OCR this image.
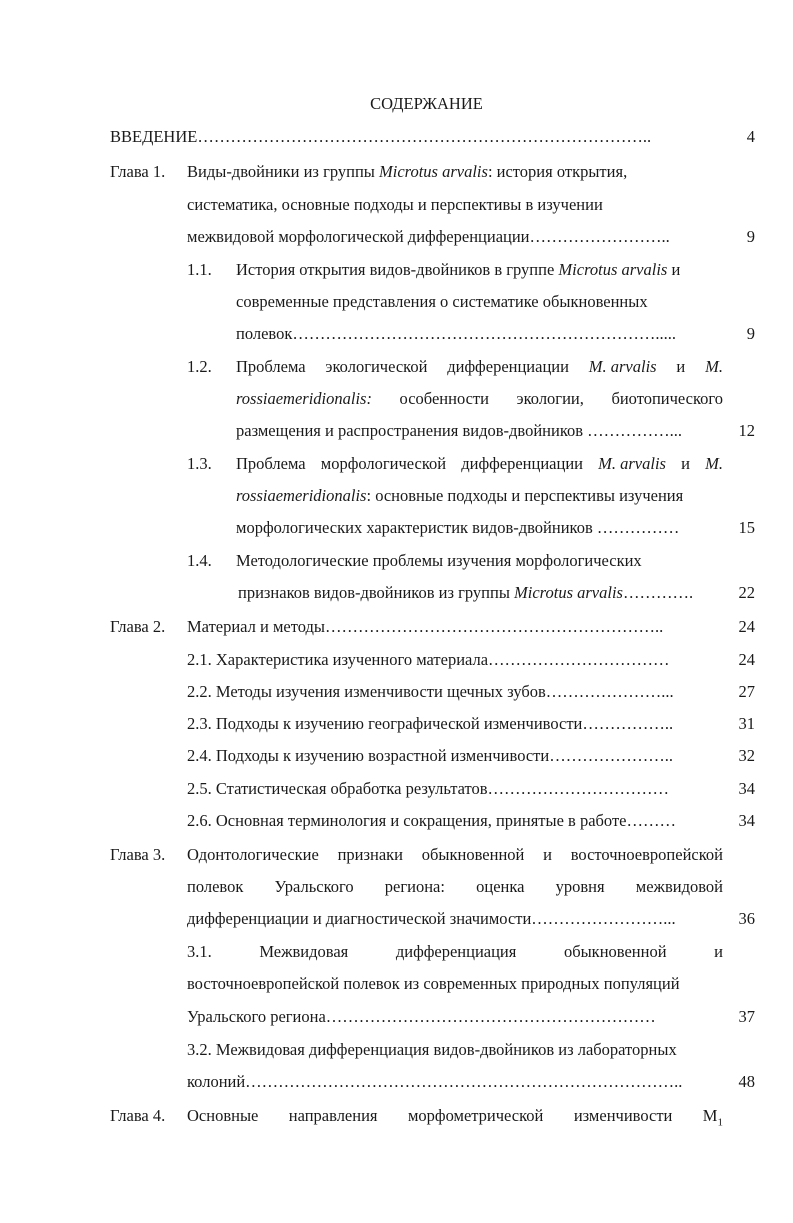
СОДЕРЖАНИЕ
ВВЕДЕНИЕ………………………………………………………………………..	4
Глава 1. Виды-двойники из группы Microtus arvalis: история открытия,
систематика, основные подходы и перспективы в изучении
межвидовой морфологической дифференциации……………………..	9
1.1. История открытия видов-двойников в группе Microtus arvalis и
современные представления о систематике обыкновенных
полевок………………………………………………………….....	9
1.2. Проблема экологической дифференциации M. arvalis и M.
rossiaemeridionalis: особенности экологии, биотопического
размещения и распространения видов-двойников ……………...	12
1.3. Проблема морфологической дифференциации M. arvalis и M.
rossiaemeridionalis: основные подходы и перспективы изучения
морфологических характеристик видов-двойников ……………	15
1.4. Методологические проблемы изучения морфологических
признаков видов-двойников из группы Microtus arvalis………….	22
Глава 2. Материал и методы……………………………………………………..	24
2.1. Характеристика изученного материала……………………………	24
2.2. Методы изучения изменчивости щечных зубов…………………...	27
2.3. Подходы к изучению географической изменчивости……………..	31
2.4. Подходы к изучению возрастной изменчивости…………………..	32
2.5. Статистическая обработка результатов……………………………	34
2.6. Основная терминология и сокращения, принятые в работе………	34
Глава 3. Одонтологические признаки обыкновенной и восточноевропейской
полевок Уральского региона: оценка уровня межвидовой
дифференциации и диагностической значимости……………………...	36
3.1.	Межвидовая	дифференциация	обыкновенной	и
восточноевропейской полевок из современных природных популяций
Уральского региона……………………………………………………	37
3.2. Межвидовая дифференциация видов-двойников из лабораторных
колоний……………………………………………………………………..	48
Глава 4. Основные направления морфометрической изменчивости $M_1$
